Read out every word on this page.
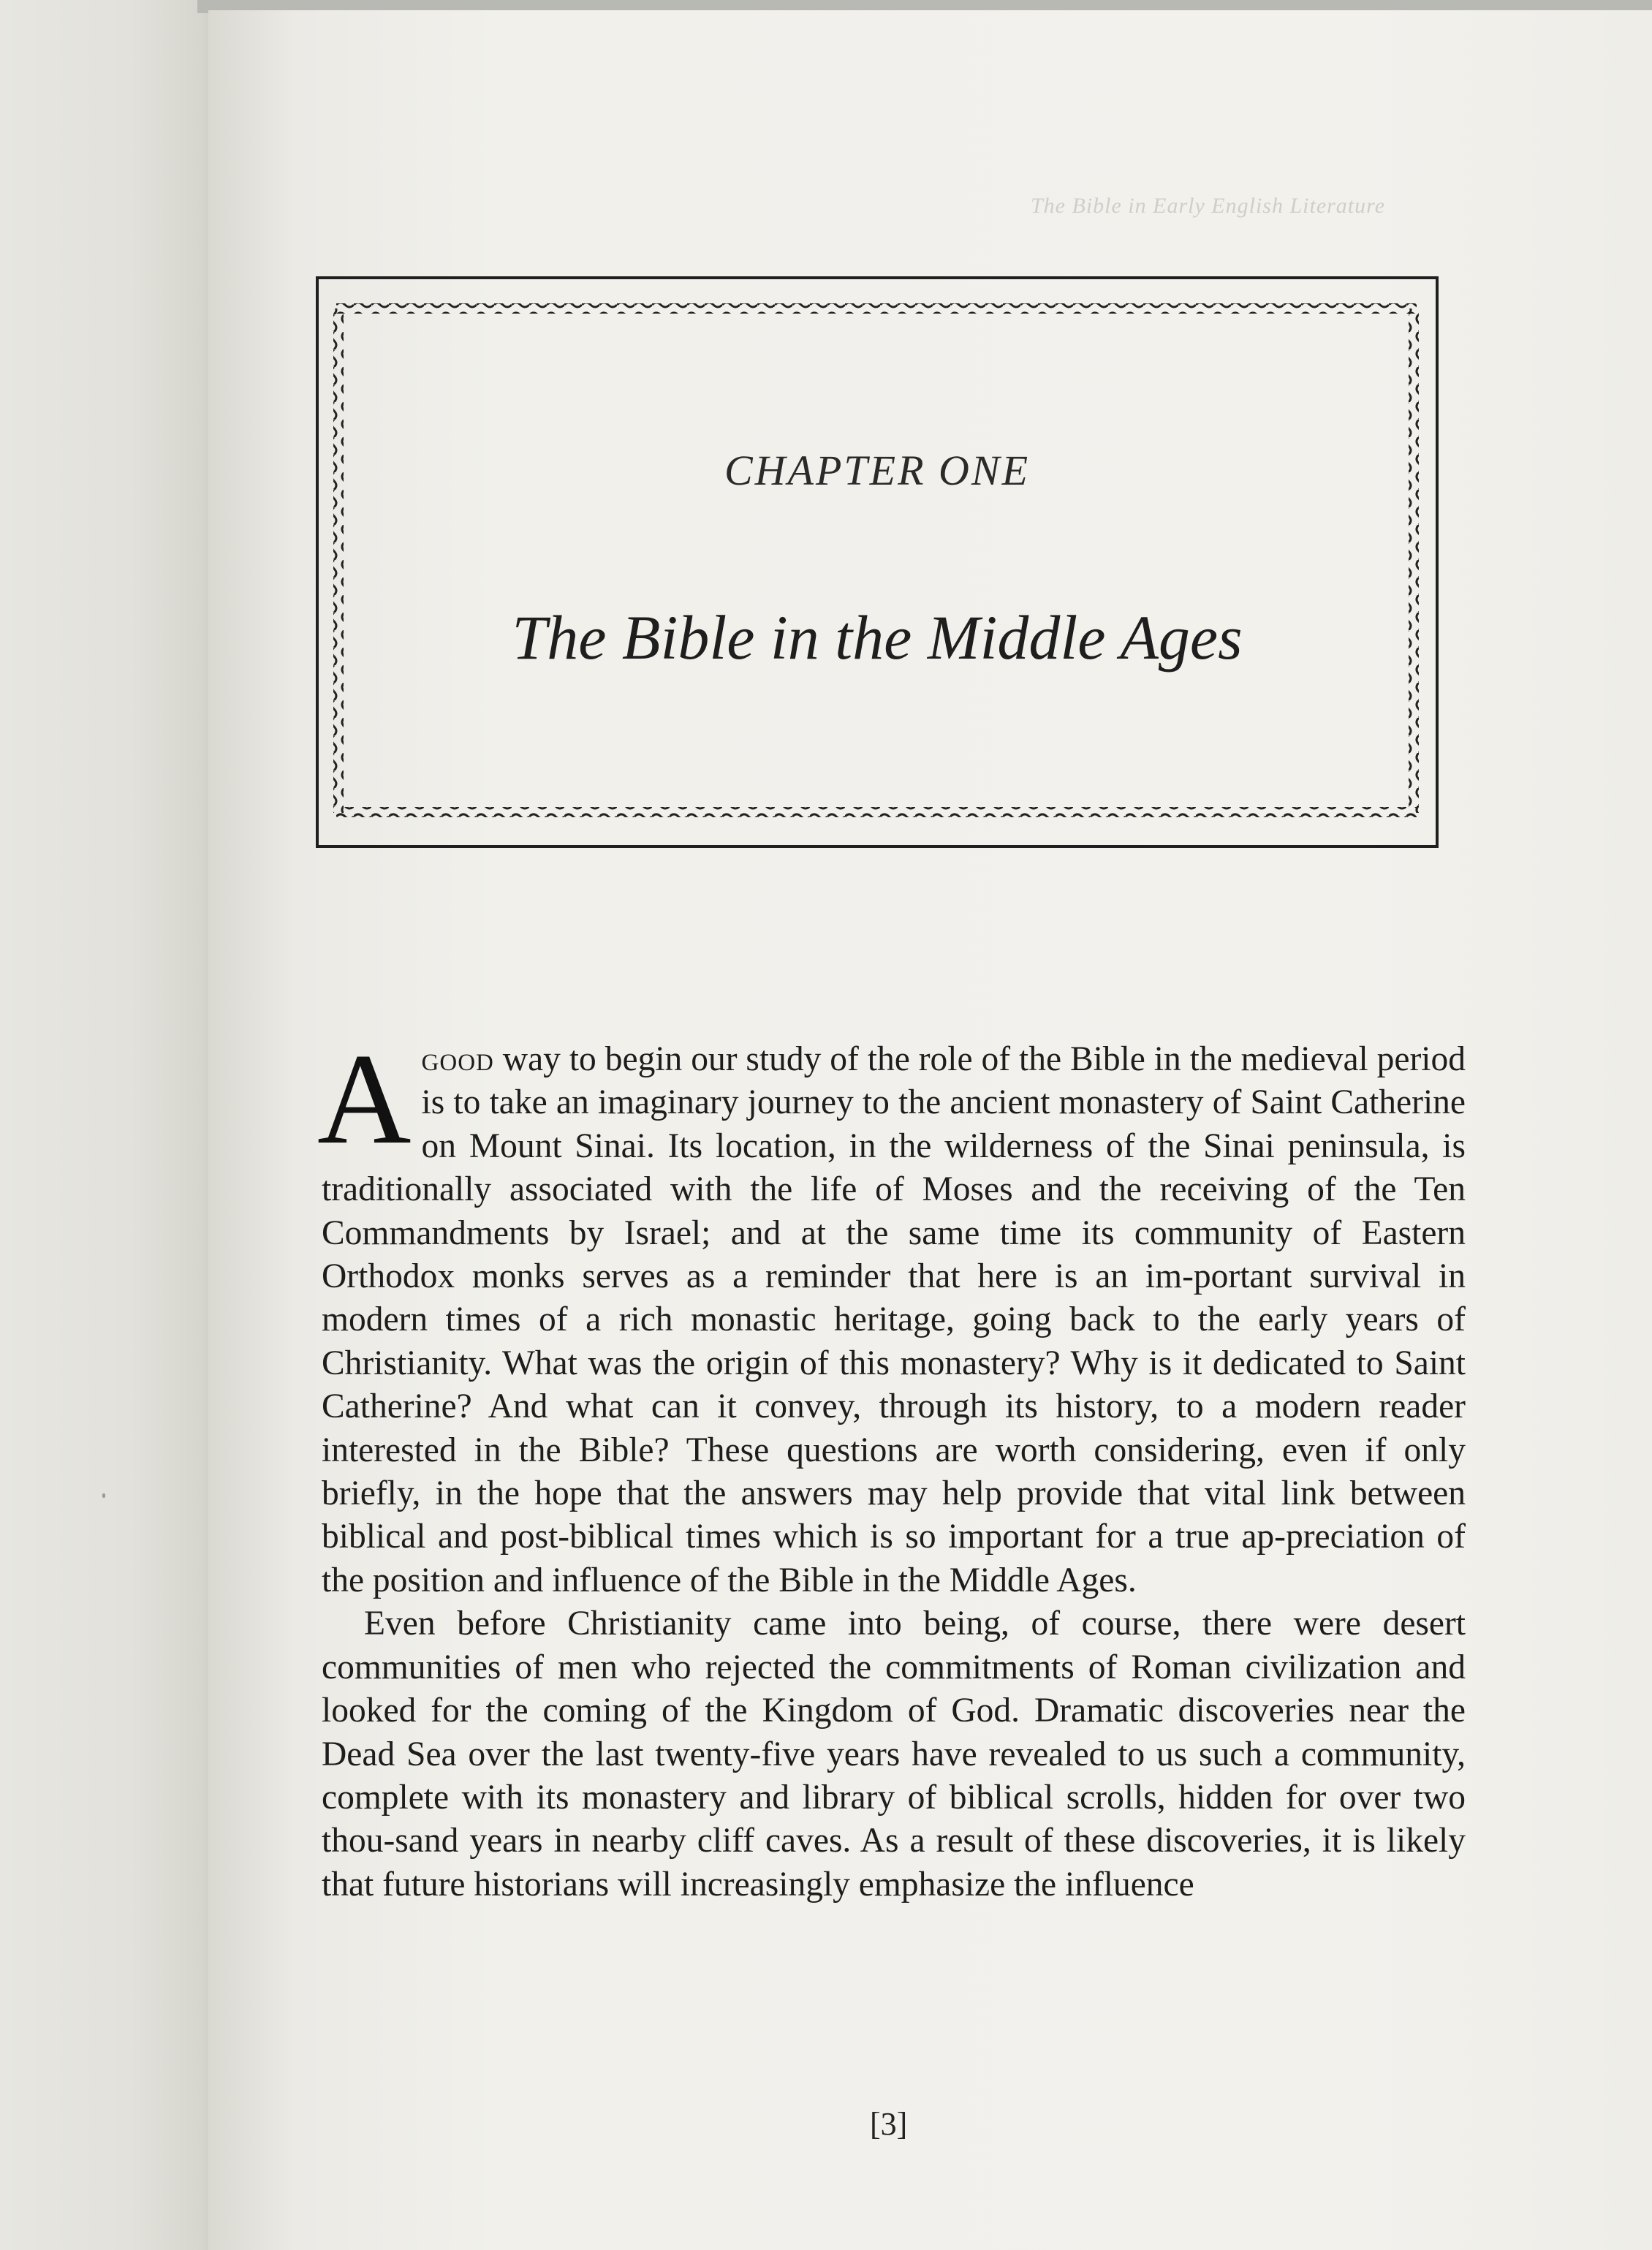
The Bible in Early English Literature
CHAPTER ONE
The Bible in the Middle Ages

Agood way to begin our study of the role of the Bible in the medieval period is to take an imaginary journey to the ancient monastery of Saint Catherine on Mount Sinai. Its location, in the wilderness of the Sinai peninsula, is traditionally associated with the life of Moses and the receiving of the Ten Commandments by Israel; and at the same time its community of Eastern Orthodox monks serves as a reminder that here is an im-portant survival in modern times of a rich monastic heritage, going back to the early years of Christianity. What was the origin of this monastery? Why is it dedicated to Saint Catherine? And what can it convey, through its history, to a modern reader interested in the Bible? These questions are worth considering, even if only briefly, in the hope that the answers may help provide that vital link between biblical and post-biblical times which is so important for a true ap-preciation of the position and influence of the Bible in the Middle Ages.

Even before Christianity came into being, of course, there were desert communities of men who rejected the commitments of Roman civilization and looked for the coming of the Kingdom of God. Dramatic discoveries near the Dead Sea over the last twenty-five years have revealed to us such a community, complete with its monastery and library of biblical scrolls, hidden for over two thou-sand years in nearby cliff caves. As a result of these discoveries, it is likely that future historians will increasingly emphasize the influence

[3]
